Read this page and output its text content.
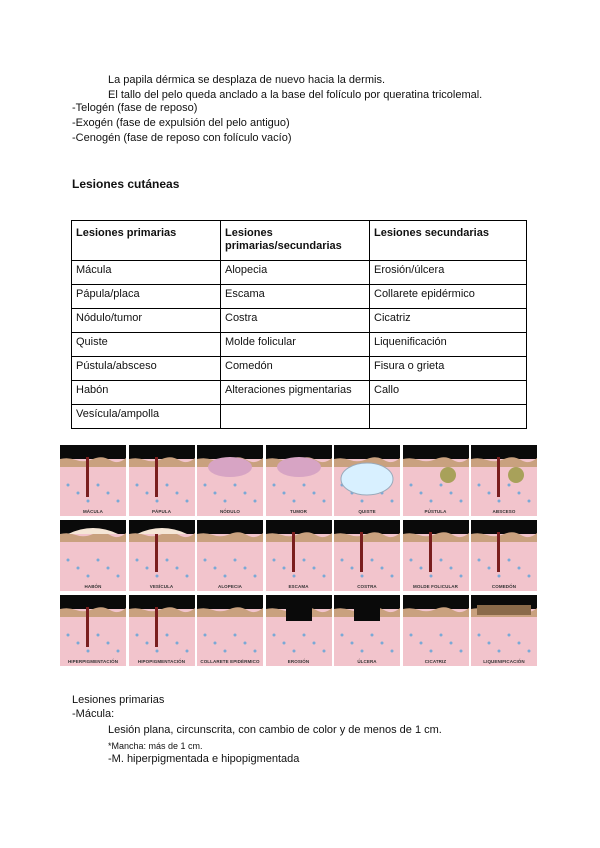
La papila dérmica se desplaza de nuevo hacia la dermis.
El tallo del pelo queda anclado a la base del folículo por queratina tricolemal.
-Telogén (fase de reposo)
-Exogén (fase de expulsión del pelo antiguo)
-Cenogén (fase de reposo con folículo vacío)
Lesiones cutáneas
Lesiones primarias	Lesiones primarias/secundarias	Lesiones secundarias
Mácula	Alopecia	Erosión/úlcera
Pápula/placa	Escama	Collarete epidérmico
Nódulo/tumor	Costra	Cicatriz
Quiste	Molde folicular	Liquenificación
Pústula/absceso	Comedón	Fisura o grieta
Habón	Alteraciones pigmentarias	Callo
Vesícula/ampolla		
MÁCULA	PÁPULA	NÓDULO	TUMOR	QUISTE	PÚSTULA	ABSCESO
HABÓN	VESÍCULA	ALOPECIA	ESCAMA	COSTRA	MOLDE FOLICULAR	COMEDÓN
HIPERPIGMENTACIÓN	HIPOPIGMENTACIÓN	COLLARETE EPIDÉRMICO	EROSIÓN	ÚLCERA	CICATRIZ	LIQUENIFICACIÓN
Lesiones primarias
-Mácula:
Lesión plana, circunscrita, con cambio de color y de menos de 1 cm.
*Mancha: más de 1 cm.
-M. hiperpigmentada e hipopigmentada
